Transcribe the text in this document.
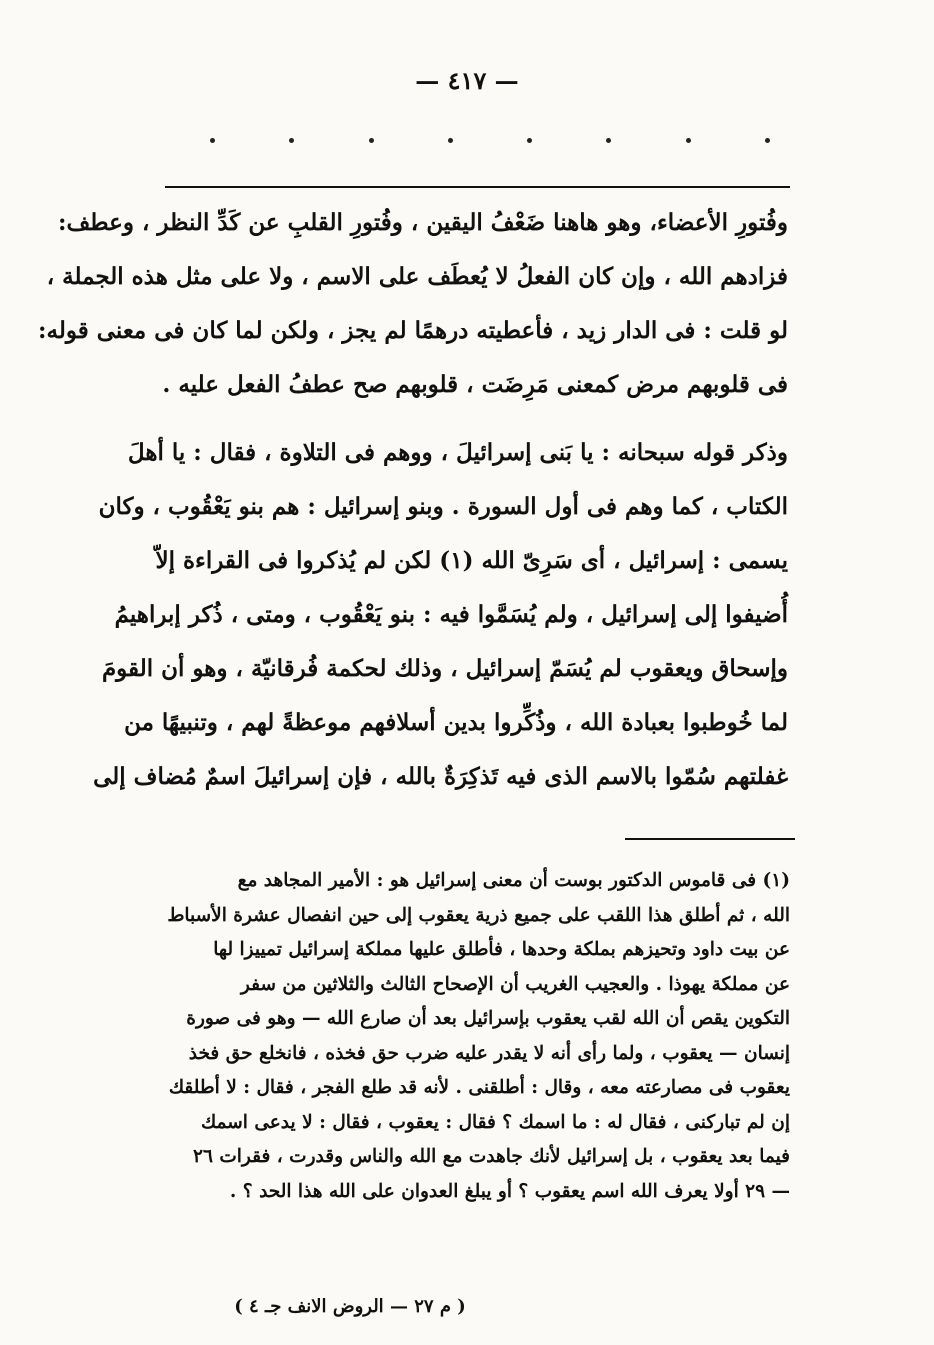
— ٤١٧ —

وفُتورِ الأعضاء، وهو هاهنا ضَعْفُ اليقين ، وفُتورِ القلبِ عن كَدِّ النظر ، وعطف:
فزادهم الله ، وإن كان الفعلُ لا يُعطَف على الاسم ، ولا على مثل هذه الجملة ،
لو قلت : فى الدار زيد ، فأعطيته درهمًا لم يجز ، ولكن لما كان فى معنى قوله:
فى قلوبهم مرض كمعنى مَرِضَت ، قلوبهم صح عطفُ الفعل عليه .

وذكر قوله سبحانه : يا بَنى إسرائيلَ ، ووهم فى التلاوة ، فقال : يا أهلَ
الكتاب ، كما وهم فى أول السورة . وبنو إسرائيل : هم بنو يَعْقُوب ، وكان
يسمى : إسرائيل ، أى سَرِىّ الله (١) لكن لم يُذكروا فى القراءة إلاّ
أُضيفوا إلى إسرائيل ، ولم يُسَمَّوا فيه : بنو يَعْقُوب ، ومتى ، ذُكر إبراهيمُ
وإسحاق ويعقوب لم يُسَمّ إسرائيل ، وذلك لحكمة فُرقانيّة ، وهو أن القومَ
لما خُوطبوا بعبادة الله ، وذُكِّروا بدين أسلافهم موعظةً لهم ، وتنبيهًا من
غفلتهم سُمّوا بالاسم الذى فيه تَذكِرَةٌ بالله ، فإن إسرائيلَ اسمٌ مُضاف إلى

(١) فى قاموس الدكتور بوست أن معنى إسرائيل هو : الأمير المجاهد مع
الله ، ثم أطلق هذا اللقب على جميع ذرية يعقوب إلى حين انفصال عشرة الأسباط
عن بيت داود وتحيزهم بملكة وحدها ، فأطلق عليها مملكة إسرائيل تمييزا لها
عن مملكة يهوذا . والعجيب الغريب أن الإصحاح الثالث والثلاثين من سفر
التكوين يقص أن الله لقب يعقوب بإسرائيل بعد أن صارع الله — وهو فى صورة
إنسان — يعقوب ، ولما رأى أنه لا يقدر عليه ضرب حق فخذه ، فانخلع حق فخذ
يعقوب فى مصارعته معه ، وقال : أطلقنى . لأنه قد طلع الفجر ، فقال : لا أطلقك
إن لم تباركنى ، فقال له : ما اسمك ؟ فقال : يعقوب ، فقال : لا يدعى اسمك
فيما بعد يعقوب ، بل إسرائيل لأنك جاهدت مع الله والناس وقدرت ، فقرات ٢٦
— ٢٩ أولا يعرف الله اسم يعقوب ؟ أو يبلغ العدوان على الله هذا الحد ؟ .

( م ٢٧ — الروض الانف جـ ٤ )
